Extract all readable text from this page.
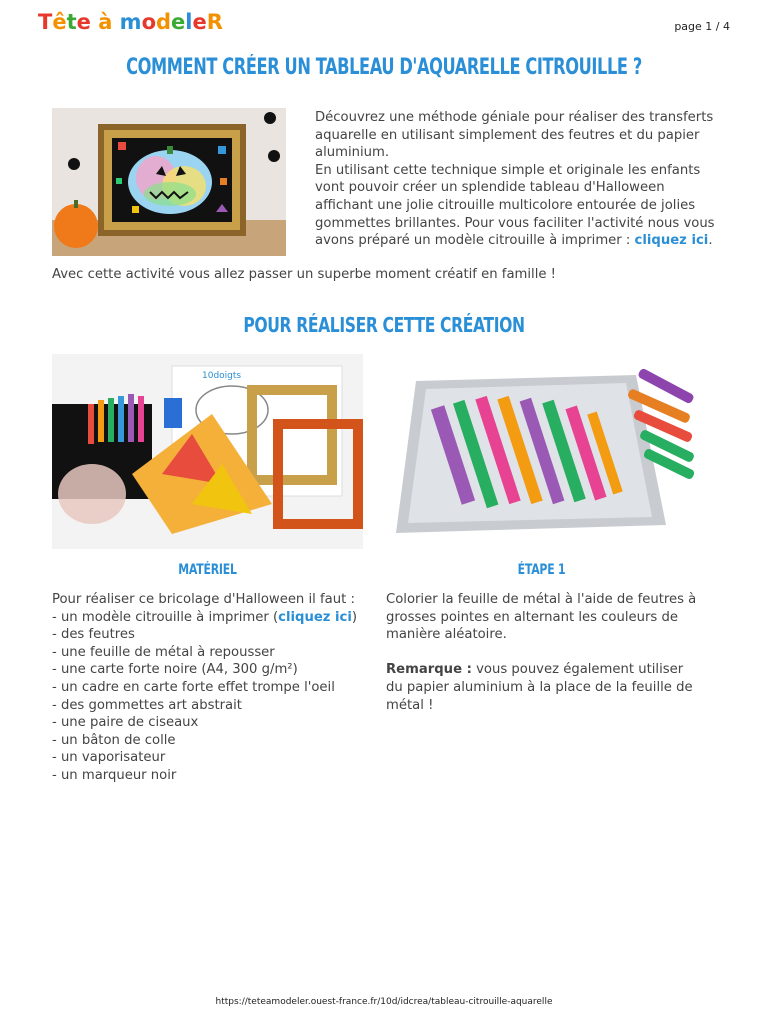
Tête à modeleR	page 1 / 4
COMMENT CRÉER UN TABLEAU D'AQUARELLE CITROUILLE ?

Découvrez une méthode géniale pour réaliser des transferts aquarelle en utilisant simplement des feutres et du papier aluminium.

En utilisant cette technique simple et originale les enfants vont pouvoir créer un splendide tableau d'Halloween affichant une jolie citrouille multicolore entourée de jolies gommettes brillantes. Pour vous faciliter l'activité nous vous avons préparé un modèle citrouille à imprimer : cliquez ici.

Avec cette activité vous allez passer un superbe moment créatif en famille !
POUR RÉALISER CETTE CRÉATION
10doigts
MATÉRIEL	ÉTAPE 1

Pour réaliser ce bricolage d'Halloween il faut :

- un modèle citrouille à imprimer (cliquez ici)

- des feutres

- une feuille de métal à repousser

- une carte forte noire (A4, 300 g/m²)

- un cadre en carte forte effet trompe l'oeil

- des gommettes art abstrait

- une paire de ciseaux

- un bâton de colle

- un vaporisateur

- un marqueur noir

Colorier la feuille de métal à l'aide de feutres à grosses pointes en alternant les couleurs de manière aléatoire.

Remarque : vous pouvez également utiliser du papier aluminium à la place de la feuille de métal !

https://teteamodeler.ouest-france.fr/10d/idcrea/tableau-citrouille-aquarelle
